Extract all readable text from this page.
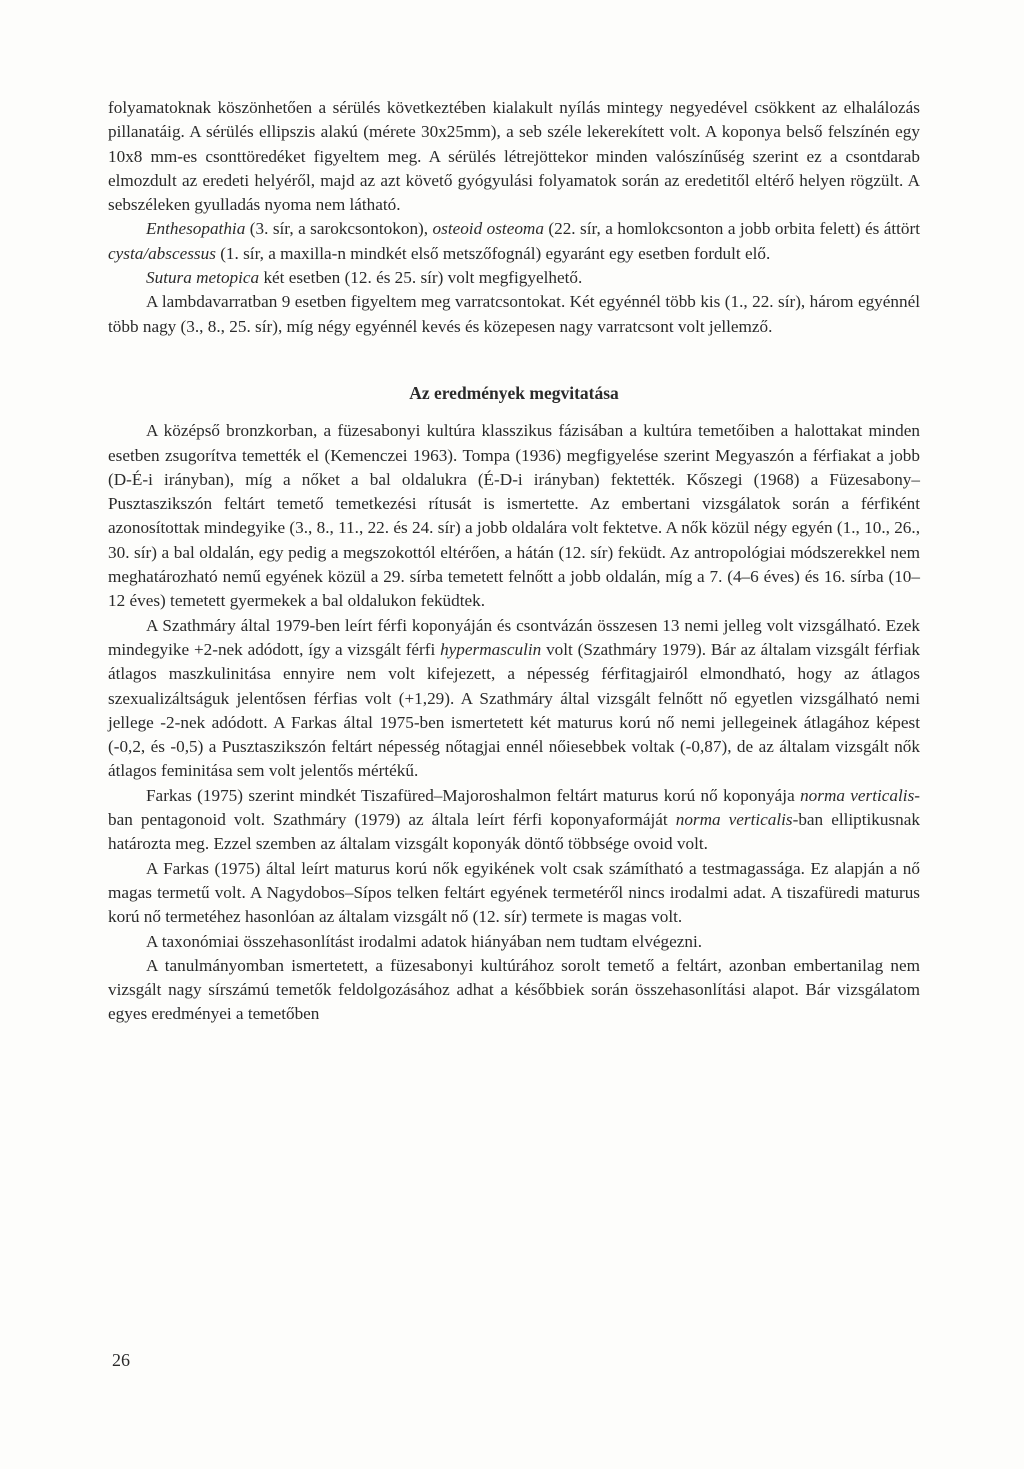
folyamatoknak köszönhetően a sérülés következtében kialakult nyílás mintegy negyedével csökkent az elhalálozás pillanatáig. A sérülés ellipszis alakú (mérete 30x25mm), a seb széle lekerekített volt. A koponya belső felszínén egy 10x8 mm-es csonttöredéket figyeltem meg. A sérülés létrejöttekor minden valószínűség szerint ez a csontdarab elmozdult az eredeti helyéről, majd az azt követő gyógyulási folyamatok során az eredetitől eltérő helyen rögzült. A sebszéleken gyulladás nyoma nem látható.
Enthesopathia (3. sír, a sarokcsontokon), osteoid osteoma (22. sír, a homlokcsonton a jobb orbita felett) és áttört cysta/abscessus (1. sír, a maxilla-n mindkét első metszőfognál) egyaránt egy esetben fordult elő.
Sutura metopica két esetben (12. és 25. sír) volt megfigyelhető.
A lambdavarratban 9 esetben figyeltem meg varratcsontokat. Két egyénnél több kis (1., 22. sír), három egyénnél több nagy (3., 8., 25. sír), míg négy egyénnél kevés és közepesen nagy varratcsont volt jellemző.
Az eredmények megvitatása
A középső bronzkorban, a füzesabonyi kultúra klasszikus fázisában a kultúra temetőiben a halottakat minden esetben zsugorítva temették el (Kemenczei 1963). Tompa (1936) megfigyelése szerint Megyaszón a férfiakat a jobb (D-É-i irányban), míg a nőket a bal oldalukra (É-D-i irányban) fektették. Kőszegi (1968) a Füzesabony–Pusztaszikszón feltárt temető temetkezési rítusát is ismertette. Az embertani vizsgálatok során a férfiként azonosítottak mindegyike (3., 8., 11., 22. és 24. sír) a jobb oldalára volt fektetve. A nők közül négy egyén (1., 10., 26., 30. sír) a bal oldalán, egy pedig a megszokottól eltérően, a hátán (12. sír) feküdt. Az antropológiai módszerekkel nem meghatározható nemű egyének közül a 29. sírba temetett felnőtt a jobb oldalán, míg a 7. (4–6 éves) és 16. sírba (10–12 éves) temetett gyermekek a bal oldalukon feküdtek.
A Szathmáry által 1979-ben leírt férfi koponyáján és csontvázán összesen 13 nemi jelleg volt vizsgálható. Ezek mindegyike +2-nek adódott, így a vizsgált férfi hypermasculin volt (Szathmáry 1979). Bár az általam vizsgált férfiak átlagos maszkulinitása ennyire nem volt kifejezett, a népesség férfitagjairól elmondható, hogy az átlagos szexualizáltságuk jelentősen férfias volt (+1,29). A Szathmáry által vizsgált felnőtt nő egyetlen vizsgálható nemi jellege -2-nek adódott. A Farkas által 1975-ben ismertetett két maturus korú nő nemi jellegeinek átlagához képest (-0,2, és -0,5) a Pusztaszikszón feltárt népesség nőtagjai ennél nőiesebbek voltak (-0,87), de az általam vizsgált nők átlagos feminitása sem volt jelentős mértékű.
Farkas (1975) szerint mindkét Tiszafüred–Majoroshalmon feltárt maturus korú nő koponyája norma verticalis-ban pentagonoid volt. Szathmáry (1979) az általa leírt férfi koponyaformáját norma verticalis-ban elliptikusnak határozta meg. Ezzel szemben az általam vizsgált koponyák döntő többsége ovoid volt.
A Farkas (1975) által leírt maturus korú nők egyikének volt csak számítható a testmagassága. Ez alapján a nő magas termetű volt. A Nagydobos–Sípos telken feltárt egyének termetéről nincs irodalmi adat. A tiszafüredi maturus korú nő termetéhez hasonlóan az általam vizsgált nő (12. sír) termete is magas volt.
A taxonómiai összehasonlítást irodalmi adatok hiányában nem tudtam elvégezni.
A tanulmányomban ismertetett, a füzesabonyi kultúrához sorolt temető a feltárt, azonban embertanilag nem vizsgált nagy sírszámú temetők feldolgozásához adhat a későbbiek során összehasonlítási alapot. Bár vizsgálatom egyes eredményei a temetőben
26
